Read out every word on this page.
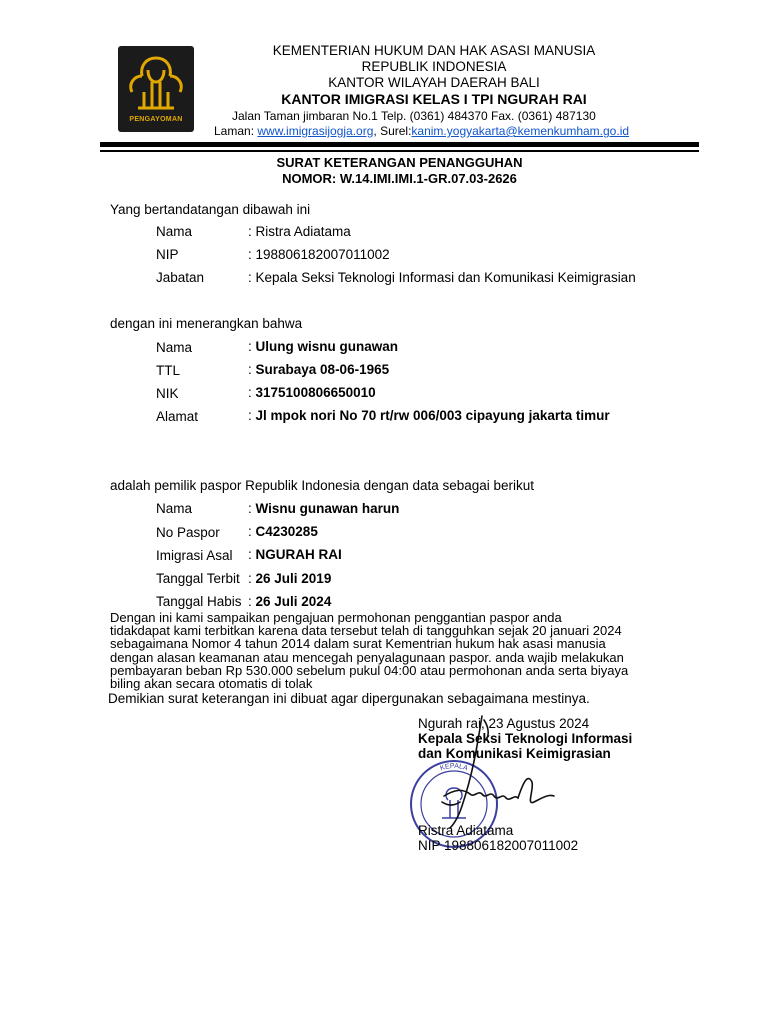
PENGAYOMAN
KEMENTERIAN HUKUM DAN HAK ASASI MANUSIA
REPUBLIK INDONESIA
KANTOR WILAYAH DAERAH BALI
KANTOR IMIGRASI KELAS I TPI NGURAH RAI
Jalan Taman jimbaran No.1 Telp. (0361) 484370 Fax. (0361) 487130
Laman: www.imigrasijogja.org, Surel:kanim.yogyakarta@kemenkumham.go.id
SURAT KETERANGAN PENANGGUHAN
NOMOR: W.14.IMI.IMI.1-GR.07.03-2626
Yang bertandatangan dibawah ini
Nama	: Ristra Adiatama
NIP	: 198806182007011002
Jabatan	: Kepala Seksi Teknologi Informasi dan Komunikasi Keimigrasian
dengan ini menerangkan bahwa
Nama	: Ulung wisnu gunawan
TTL	: Surabaya 08-06-1965
NIK	: 3175100806650010
Alamat	: Jl mpok nori No 70 rt/rw 006/003 cipayung jakarta timur
adalah pemilik paspor Republik Indonesia dengan data sebagai berikut
Nama	: Wisnu gunawan harun
No Paspor : C4230285
Imigrasi Asal : NGURAH RAI
Tanggal Terbit : 26 Juli 2019
Tanggal Habis : 26 Juli 2024
Dengan ini kami sampaikan pengajuan permohonan penggantian paspor anda
tidakdapat kami terbitkan karena data tersebut telah di tangguhkan sejak 20 januari 2024
sebagaimana Nomor 4 tahun 2014 dalam surat Kementrian hukum hak asasi manusia
dengan alasan keamanan atau mencegah penyalagunaan paspor. anda wajib melakukan
pembayaran beban Rp 530.000 sebelum pukul 04:00 atau permohonan anda serta biyaya
biling akan secara otomatis di tolak
Demikian surat keterangan ini dibuat agar dipergunakan sebagaimana mestinya.
Ngurah rai, 23 Agustus 2024
Kepala Seksi Teknologi Informasi
dan Komunikasi Keimigrasian
KEPALA
Ristra Adiatama
NIP 198806182007011002
